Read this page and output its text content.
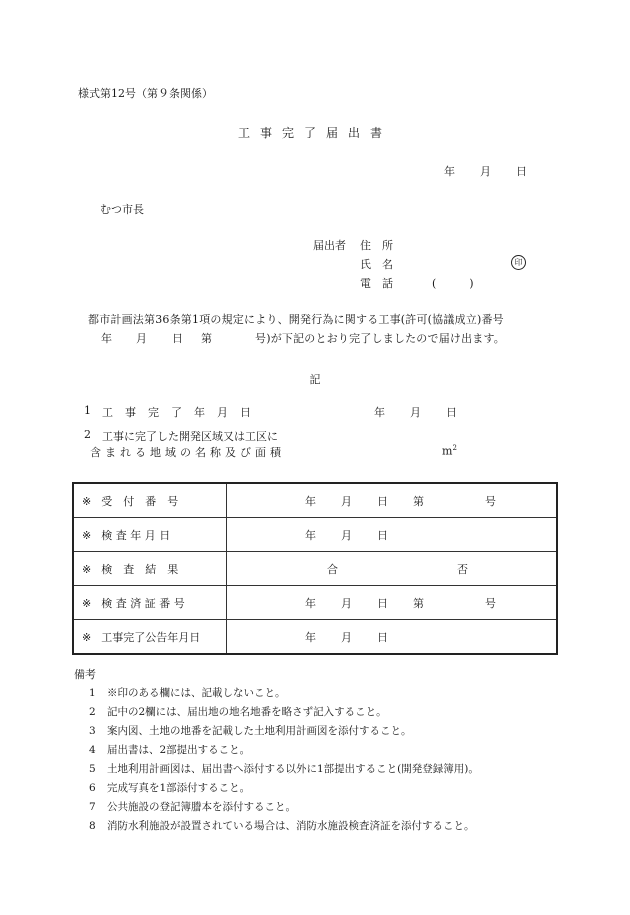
様式第12号（第９条関係）
工事完了届出書
年 月 日
むつ市長
届出者 住　所
氏　名	印
電　話	(　　　)
都市計画法第36条第1項の規定により、開発行為に関する工事(許可(協議成立)番号
年 月 日 第	号)が下記のとおり完了しましたので届け出ます。
記
1 工事完了年月日	年 月 日
2 工事に完了した開発区域又は工区に
含まれる地域の名称及び面積	$m^2$
※ 受　付　番　号	年 月 日 第 号

※ 検 査 年 月 日	年 月 日

※ 検　査　結　果	合 否

※ 検 査 済 証 番 号	年 月 日 第 号

※ 工事完了公告年月日	年 月 日
備考
1 ※印のある欄には、記載しないこと。
2 記中の2欄には、届出地の地名地番を略さず記入すること。
3 案内図、土地の地番を記載した土地利用計画図を添付すること。
4 届出書は、2部提出すること。
5 土地利用計画図は、届出書へ添付する以外に1部提出すること(開発登録簿用)。
6 完成写真を1部添付すること。
7 公共施設の登記簿謄本を添付すること。
8 消防水利施設が設置されている場合は、消防水施設検査済証を添付すること。
